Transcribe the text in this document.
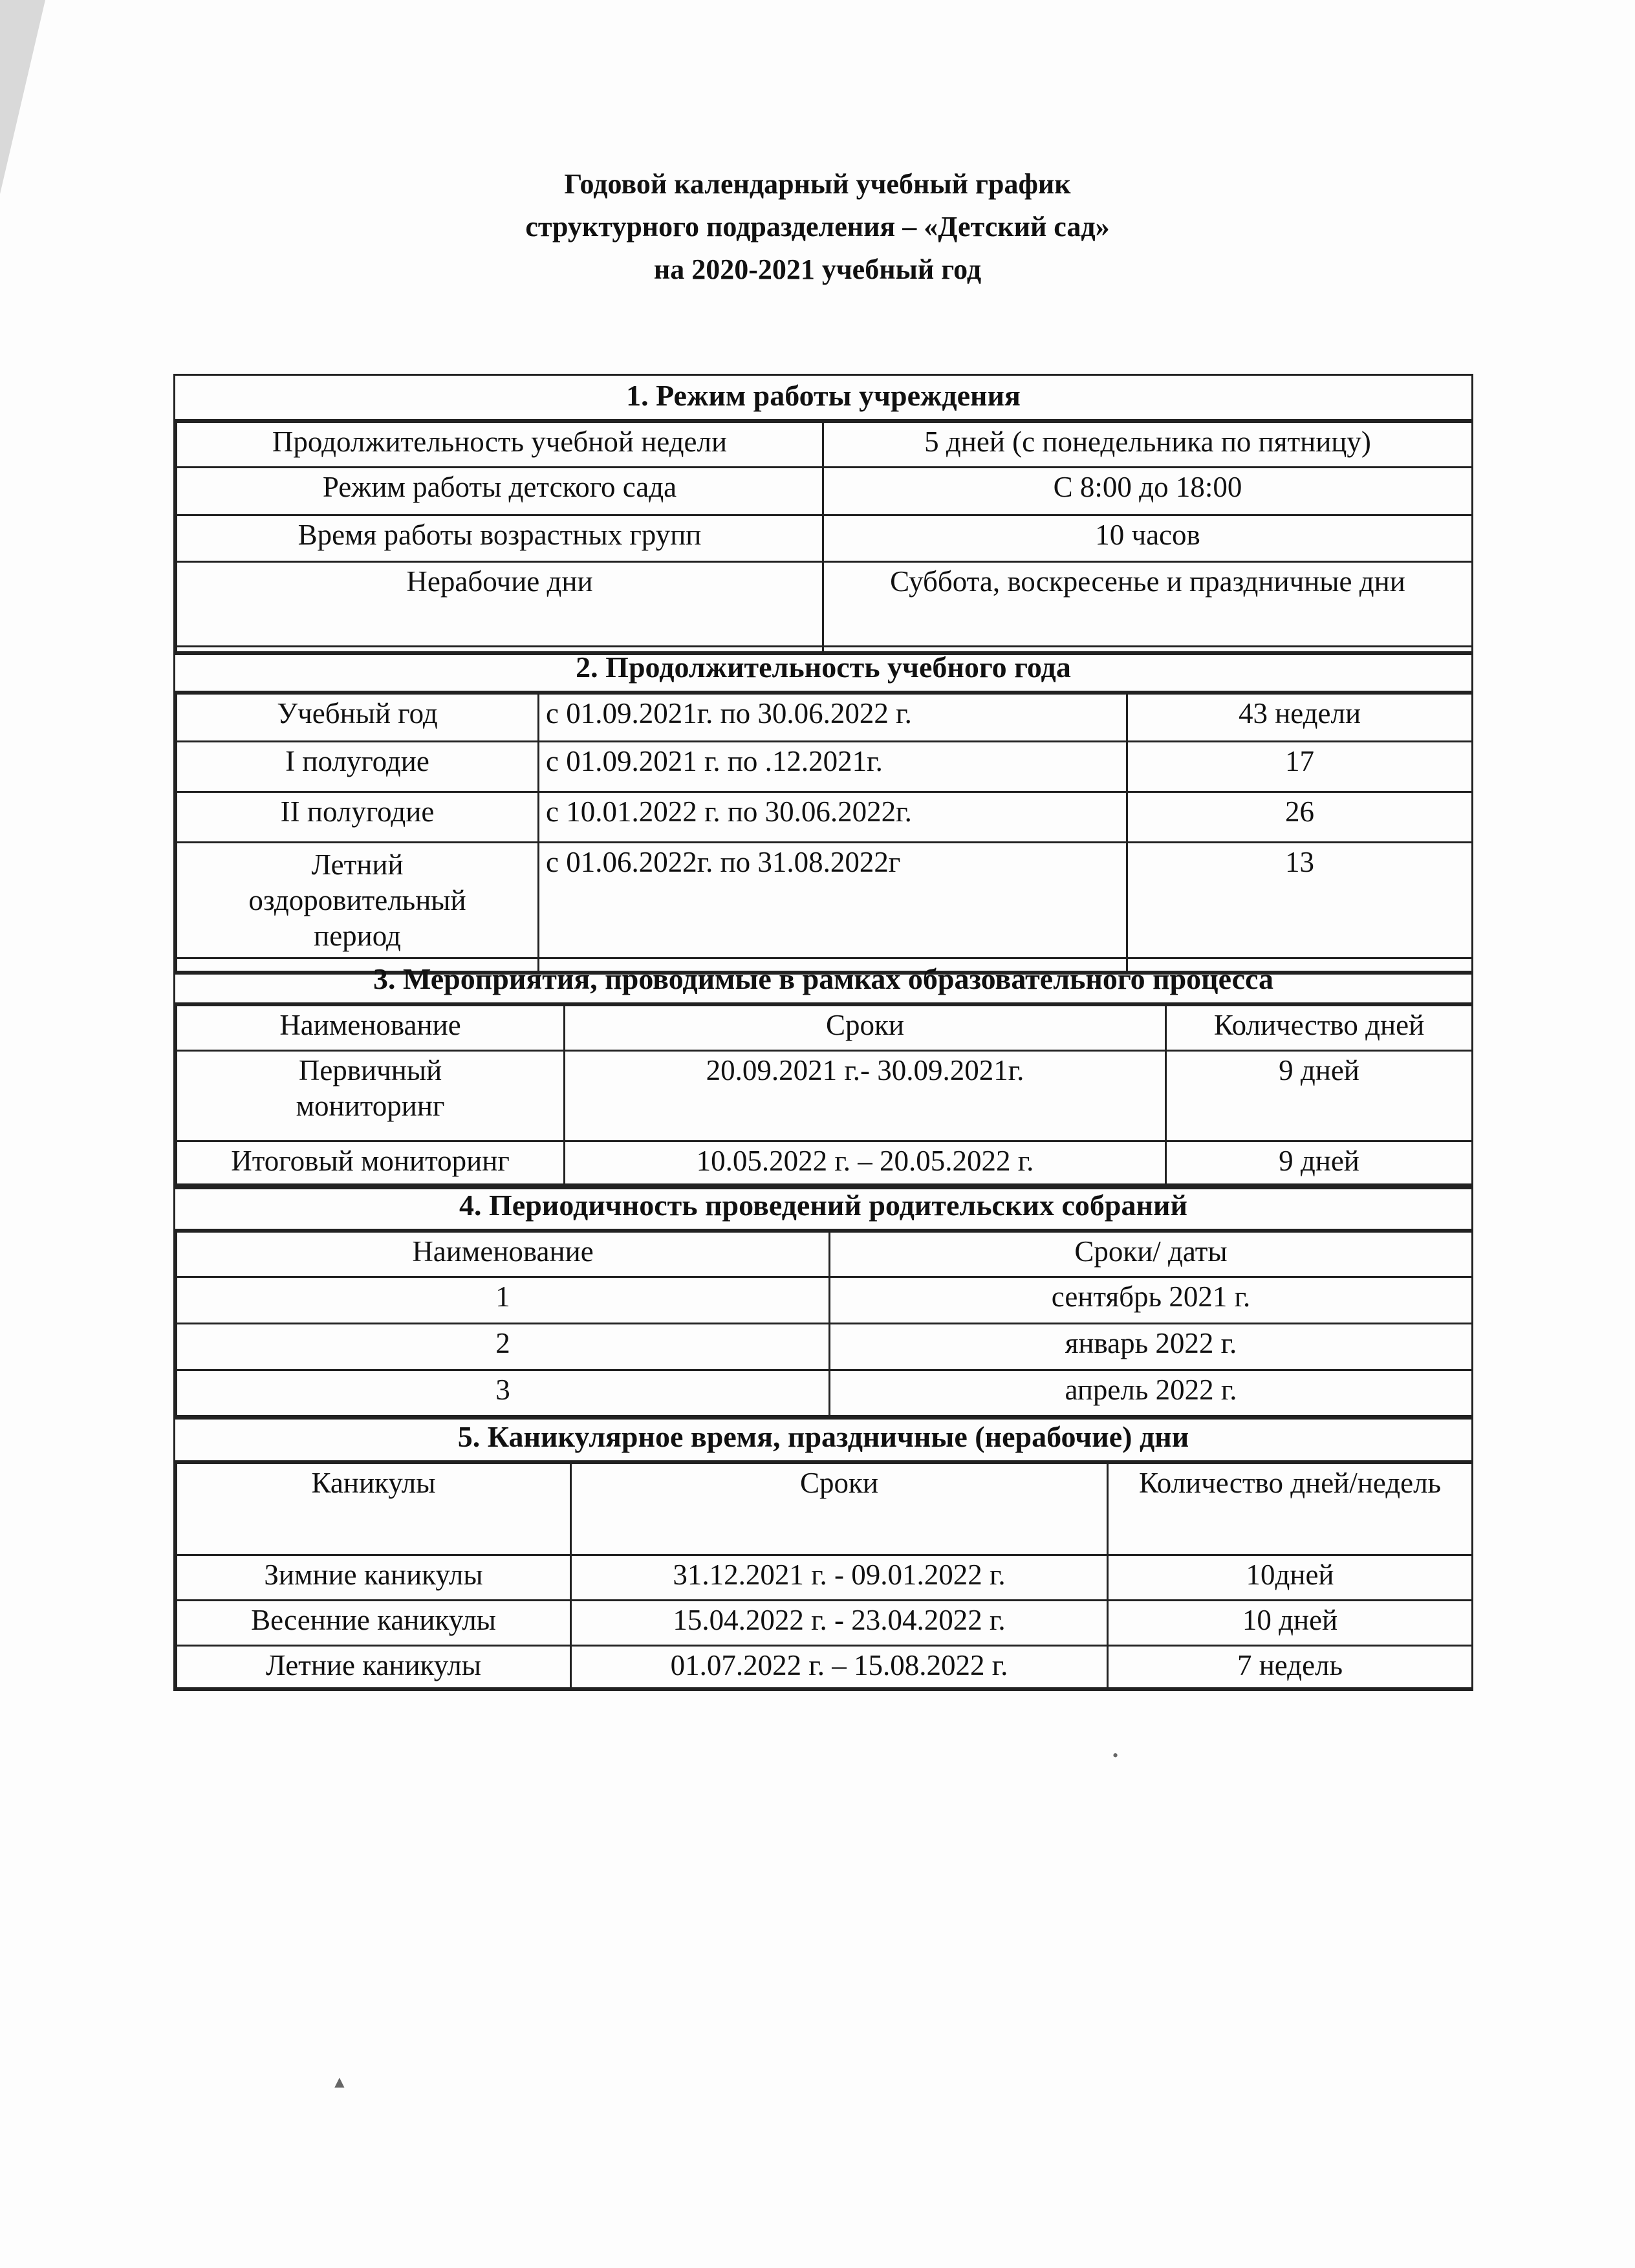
Годовой календарный учебный график
структурного подразделения – «Детский сад»
на 2020-2021 учебный год
1. Режим работы учреждения
Продолжительность учебной недели	5 дней (с понедельника по пятницу)
Режим работы детского сада	С 8:00 до 18:00
Время работы возрастных групп	10 часов
Нерабочие дни	Суббота, воскресенье и праздничные дни
2. Продолжительность учебного года
Учебный год	с 01.09.2021г. по 30.06.2022 г.	43 недели
I полугодие	с 01.09.2021 г. по .12.2021г.	17
II полугодие	с 10.01.2022 г. по 30.06.2022г.	26
Летний оздоровительный период	с 01.06.2022г. по 31.08.2022г	13
3. Мероприятия, проводимые в рамках образовательного процесса
Наименование	Сроки	Количество дней
Первичный мониторинг	20.09.2021 г.- 30.09.2021г.	9 дней
Итоговый мониторинг	10.05.2022 г. – 20.05.2022 г.	9 дней
4. Периодичность проведений родительских собраний
Наименование	Сроки/ даты
1	сентябрь 2021 г.
2	январь 2022 г.
3	апрель 2022 г.
5. Каникулярное время, праздничные (нерабочие) дни
Каникулы	Сроки	Количество дней/недель
Зимние каникулы	31.12.2021 г. - 09.01.2022 г.	10дней
Весенние каникулы	15.04.2022 г. - 23.04.2022 г.	10 дней
Летние каникулы	01.07.2022 г. – 15.08.2022 г.	7 недель
•
▲
